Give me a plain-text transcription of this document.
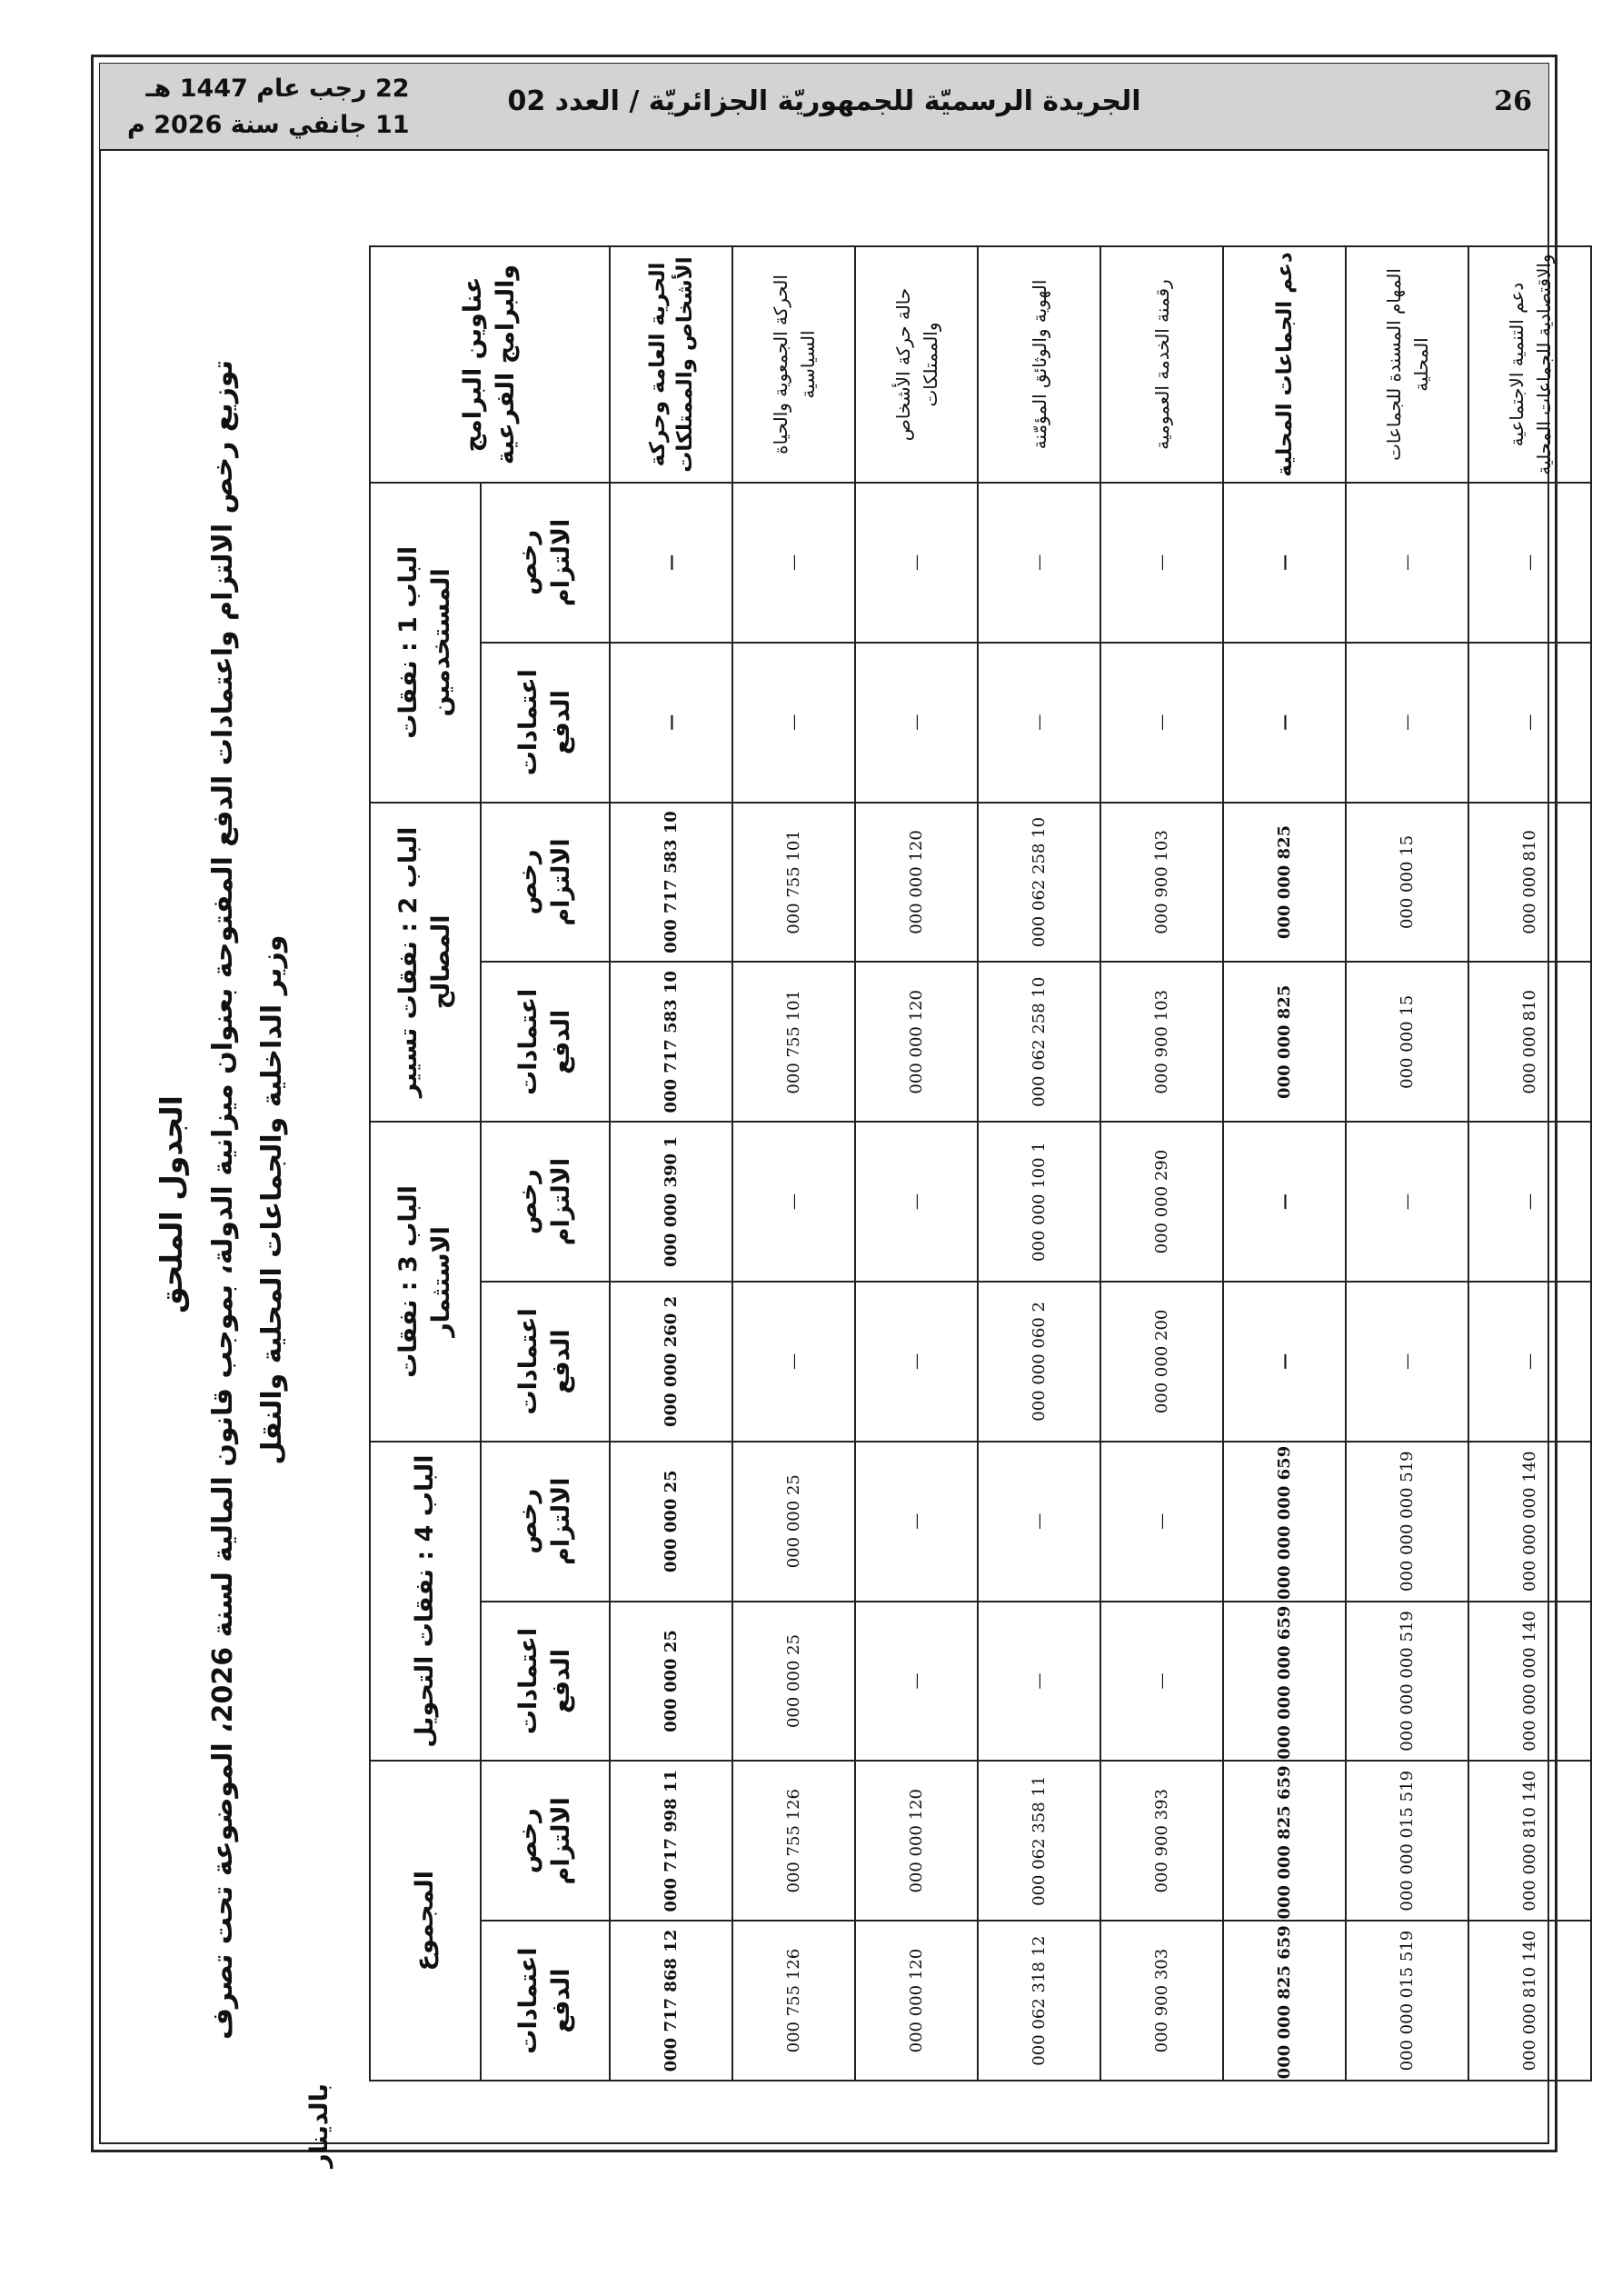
26
الجريدة الرسميّة للجمهوريّة الجزائريّة / العدد 02
22 رجب عام 1447 هـ
11 جانفي سنة 2026 م
الجدول الملحق
توزيع رخص الالتزام واعتمادات الدفع المفتوحة بعنوان ميزانية الدولة، بموجب قانون المالية لسنة 2026، الموضوعة تحت تصرف وزير الداخلية والجماعات المحلية والنقل
بالدينار
عناوين البرامج والبرامج الفرعية	الباب 1 : نفقات المستخدمين		الباب 2 : نفقات تسيير المصالح		الباب 3 : نفقات الاستثمار		الباب 4 : نفقات التحويل		المجموع	
	رخص الالتزام	اعتمادات الدفع	رخص الالتزام	اعتمادات الدفع	رخص الالتزام	اعتمادات الدفع	رخص الالتزام	اعتمادات الدفع	رخص الالتزام	اعتمادات الدفع
الحرية العامة وحركة الأشخاص والممتلكات	—	—	10 583 717 000	10 583 717 000	1 390 000 000	2 260 000 000	25 000 000	25 000 000	11 998 717 000	12 868 717 000
الحركة الجمعوية والحياة السياسية	—	—	101 755 000	101 755 000	—	—	25 000 000	25 000 000	126 755 000	126 755 000
حالة حركة الأشخاص والممتلكات	—	—	120 000 000	120 000 000	—	—	—	—	120 000 000	120 000 000
الهوية والوثائق المؤمّنة	—	—	10 258 062 000	10 258 062 000	1 100 000 000	2 060 000 000	—	—	11 358 062 000	12 318 062 000
رقمنة الخدمة العمومية	—	—	103 900 000	103 900 000	290 000 000	200 000 000	—	—	393 900 000	303 900 000
دعم الجماعات المحلية	—	—	825 000 000	825 000 000	—	—	659 000 000 000	659 000 000 000	659 825 000 000	659 825 000 000
المهام المسندة للجماعات المحلية	—	—	15 000 000	15 000 000	—	—	519 000 000 000	519 000 000 000	519 015 000 000	519 015 000 000
دعم التنمية الاجتماعية والاقتصادية للجماعات المحلية	—	—	810 000 000	810 000 000	—	—	140 000 000 000	140 000 000 000	140 810 000 000	140 810 000 000
